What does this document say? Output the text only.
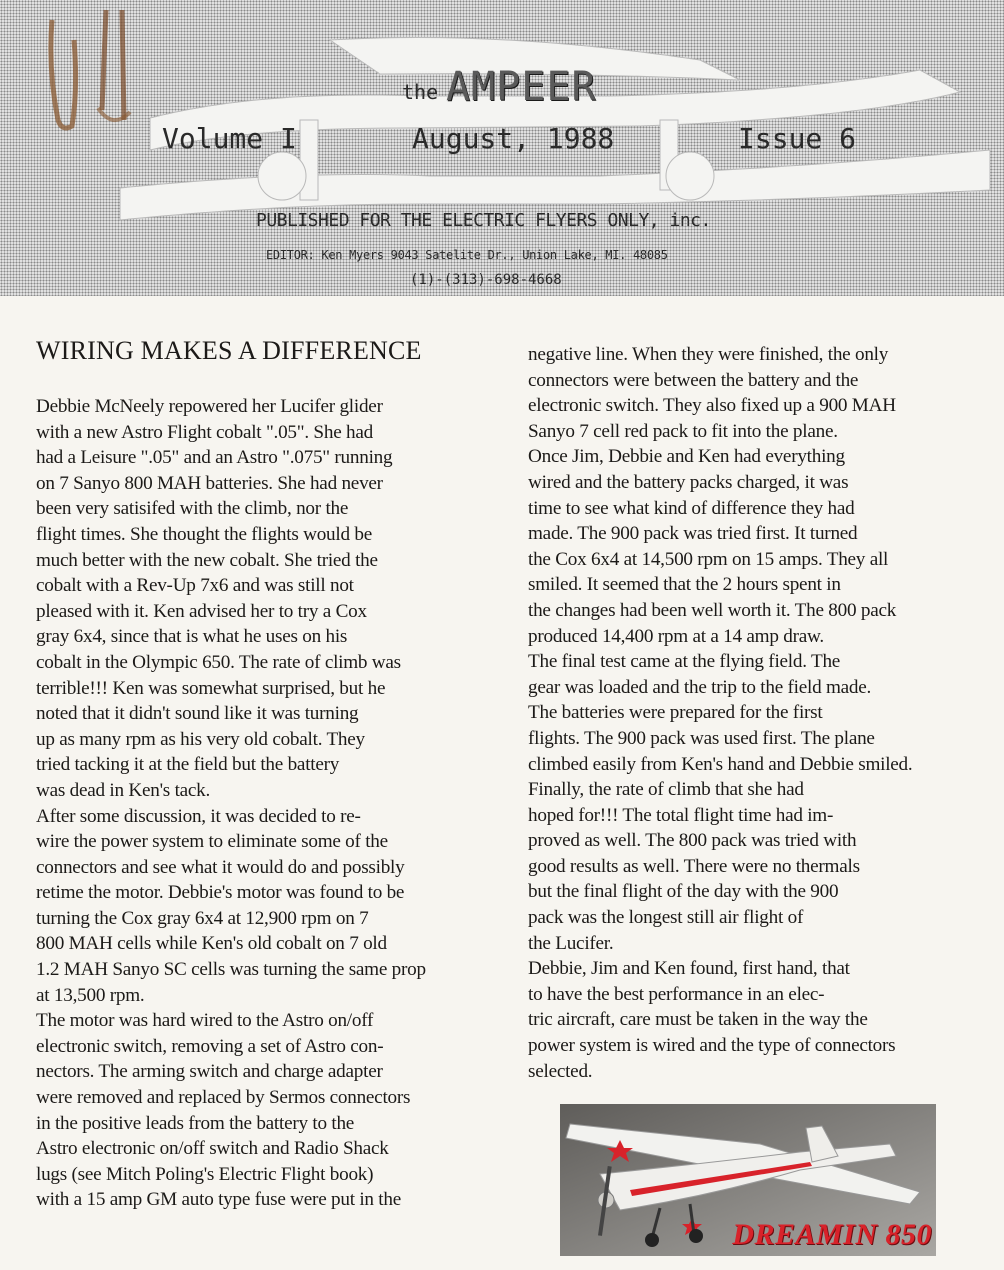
the AMPEER
Volume I	August, 1988	Issue 6
PUBLISHED FOR THE ELECTRIC FLYERS ONLY, inc.
EDITOR: Ken Myers 9043 Satelite Dr., Union Lake, MI. 48085
(1)-(313)-698-4668
WIRING MAKES A DIFFERENCE
Debbie McNeely repowered her Lucifer glider
with a new Astro Flight cobalt ".05". She had
had a Leisure ".05" and an Astro ".075" running
on 7 Sanyo 800 MAH batteries. She had never
been very satisifed with the climb, nor the
flight times. She thought the flights would be
much better with the new cobalt. She tried the
cobalt with a Rev-Up 7x6 and was still not
pleased with it. Ken advised her to try a Cox
gray 6x4, since that is what he uses on his
cobalt in the Olympic 650. The rate of climb was
terrible!!! Ken was somewhat surprised, but he
noted that it didn't sound like it was turning
up as many rpm as his very old cobalt. They
tried tacking it at the field but the battery
was dead in Ken's tack.
After some discussion, it was decided to re-
wire the power system to eliminate some of the
connectors and see what it would do and possibly
retime the motor. Debbie's motor was found to be
turning the Cox gray 6x4 at 12,900 rpm on 7
800 MAH cells while Ken's old cobalt on 7 old
1.2 MAH Sanyo SC cells was turning the same prop
at 13,500 rpm.
The motor was hard wired to the Astro on/off
electronic switch, removing a set of Astro con-
nectors. The arming switch and charge adapter
were removed and replaced by Sermos connectors
in the positive leads from the battery to the
Astro electronic on/off switch and Radio Shack
lugs (see Mitch Poling's Electric Flight book)
with a 15 amp GM auto type fuse were put in the
negative line. When they were finished, the only
connectors were between the battery and the
electronic switch. They also fixed up a 900 MAH
Sanyo 7 cell red pack to fit into the plane.
Once Jim, Debbie and Ken had everything
wired and the battery packs charged, it was
time to see what kind of difference they had
made. The 900 pack was tried first. It turned
the Cox 6x4 at 14,500 rpm on 15 amps. They all
smiled. It seemed that the 2 hours spent in
the changes had been well worth it. The 800 pack
produced 14,400 rpm at a 14 amp draw.
The final test came at the flying field. The
gear was loaded and the trip to the field made.
The batteries were prepared for the first
flights. The 900 pack was used first. The plane
climbed easily from Ken's hand and Debbie smiled.
Finally, the rate of climb that she had
hoped for!!! The total flight time had im-
proved as well. The 800 pack was tried with
good results as well. There were no thermals
but the final flight of the day with the 900
pack was the longest still air flight of
the Lucifer.
Debbie, Jim and Ken found, first hand, that
to have the best performance in an elec-
tric aircraft, care must be taken in the way the
power system is wired and the type of connectors
selected.
DREAMIN 850
